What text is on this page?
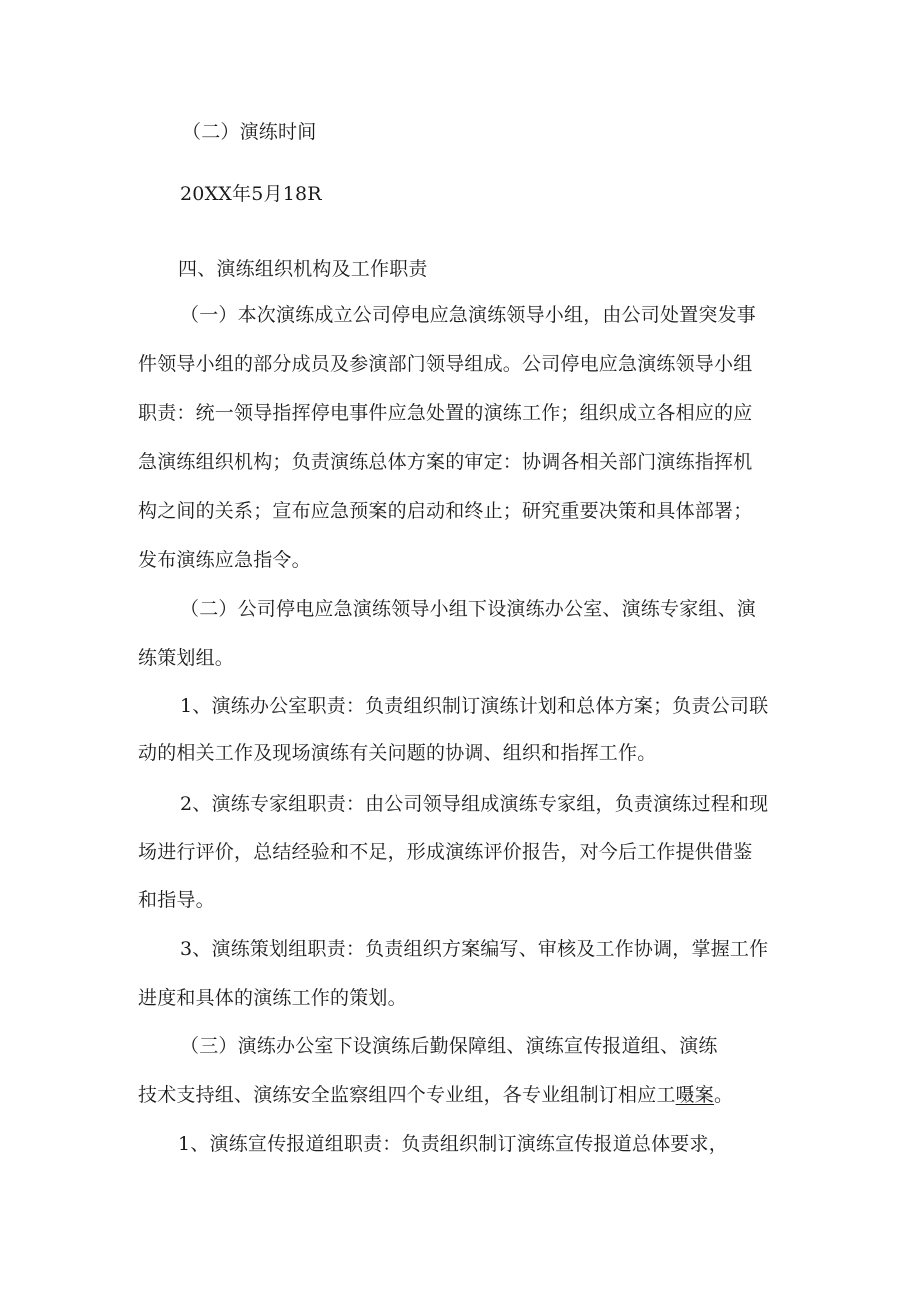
（二）演练时间
20XX年5月18R
四、演练组织机构及工作职责
（一）本次演练成立公司停电应急演练领导小组，由公司处置突发事
件领导小组的部分成员及参演部门领导组成。公司停电应急演练领导小组
职责：统一领导指挥停电事件应急处置的演练工作；组织成立各相应的应
急演练组织机构；负责演练总体方案的审定：协调各相关部门演练指挥机
构之间的关系；宣布应急预案的启动和终止；研究重要决策和具体部署；
发布演练应急指令。
（二）公司停电应急演练领导小组下设演练办公室、演练专家组、演
练策划组。
1、演练办公室职责：负责组织制订演练计划和总体方案；负责公司联
动的相关工作及现场演练有关问题的协调、组织和指挥工作。
2、演练专家组职责：由公司领导组成演练专家组，负责演练过程和现
场进行评价，总结经验和不足，形成演练评价报告，对今后工作提供借鉴
和指导。
3、演练策划组职责：负责组织方案编写、审核及工作协调，掌握工作
进度和具体的演练工作的策划。
（三）演练办公室下设演练后勤保障组、演练宣传报道组、演练
技术支持组、演练安全监察组四个专业组，各专业组制订相应工嗫案。
1、演练宣传报道组职责：负责组织制订演练宣传报道总体要求，
